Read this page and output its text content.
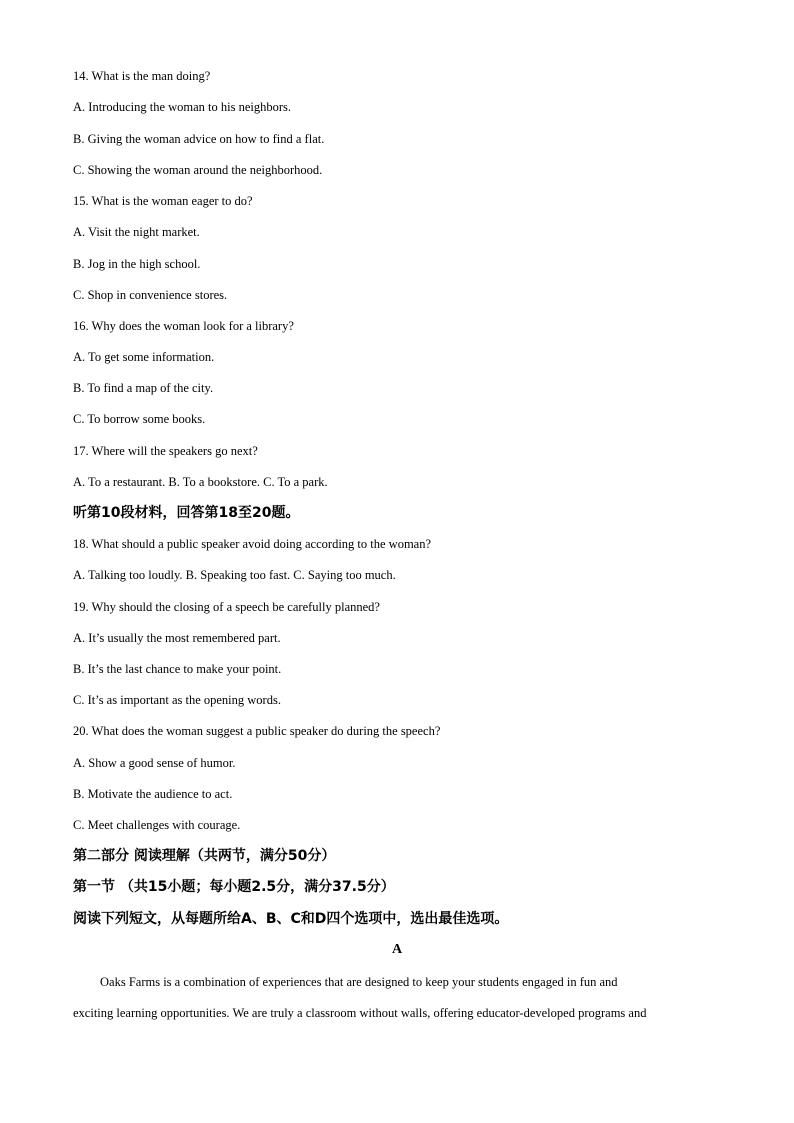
14. What is the man doing?
A. Introducing the woman to his neighbors.
B. Giving the woman advice on how to find a flat.
C. Showing the woman around the neighborhood.
15. What is the woman eager to do?
A. Visit the night market.
B. Jog in the high school.
C. Shop in convenience stores.
16. Why does the woman look for a library?
A. To get some information.
B. To find a map of the city.
C. To borrow some books.
17. Where will the speakers go next?
A. To a restaurant. B. To a bookstore. C. To a park.
听第10段材料，回答第18至20题。
18. What should a public speaker avoid doing according to the woman?
A. Talking too loudly. B. Speaking too fast. C. Saying too much.
19. Why should the closing of a speech be carefully planned?
A. It’s usually the most remembered part.
B. It’s the last chance to make your point.
C. It’s as important as the opening words.
20. What does the woman suggest a public speaker do during the speech?
A. Show a good sense of humor.
B. Motivate the audience to act.
C. Meet challenges with courage.
第二部分 阅读理解（共两节，满分50分）
第一节 （共15小题；每小题2.5分，满分37.5分）
阅读下列短文，从每题所给A、B、C和D四个选项中，选出最佳选项。
A
Oaks Farms is a combination of experiences that are designed to keep your students engaged in fun and
exciting learning opportunities. We are truly a classroom without walls, offering educator-developed programs and
